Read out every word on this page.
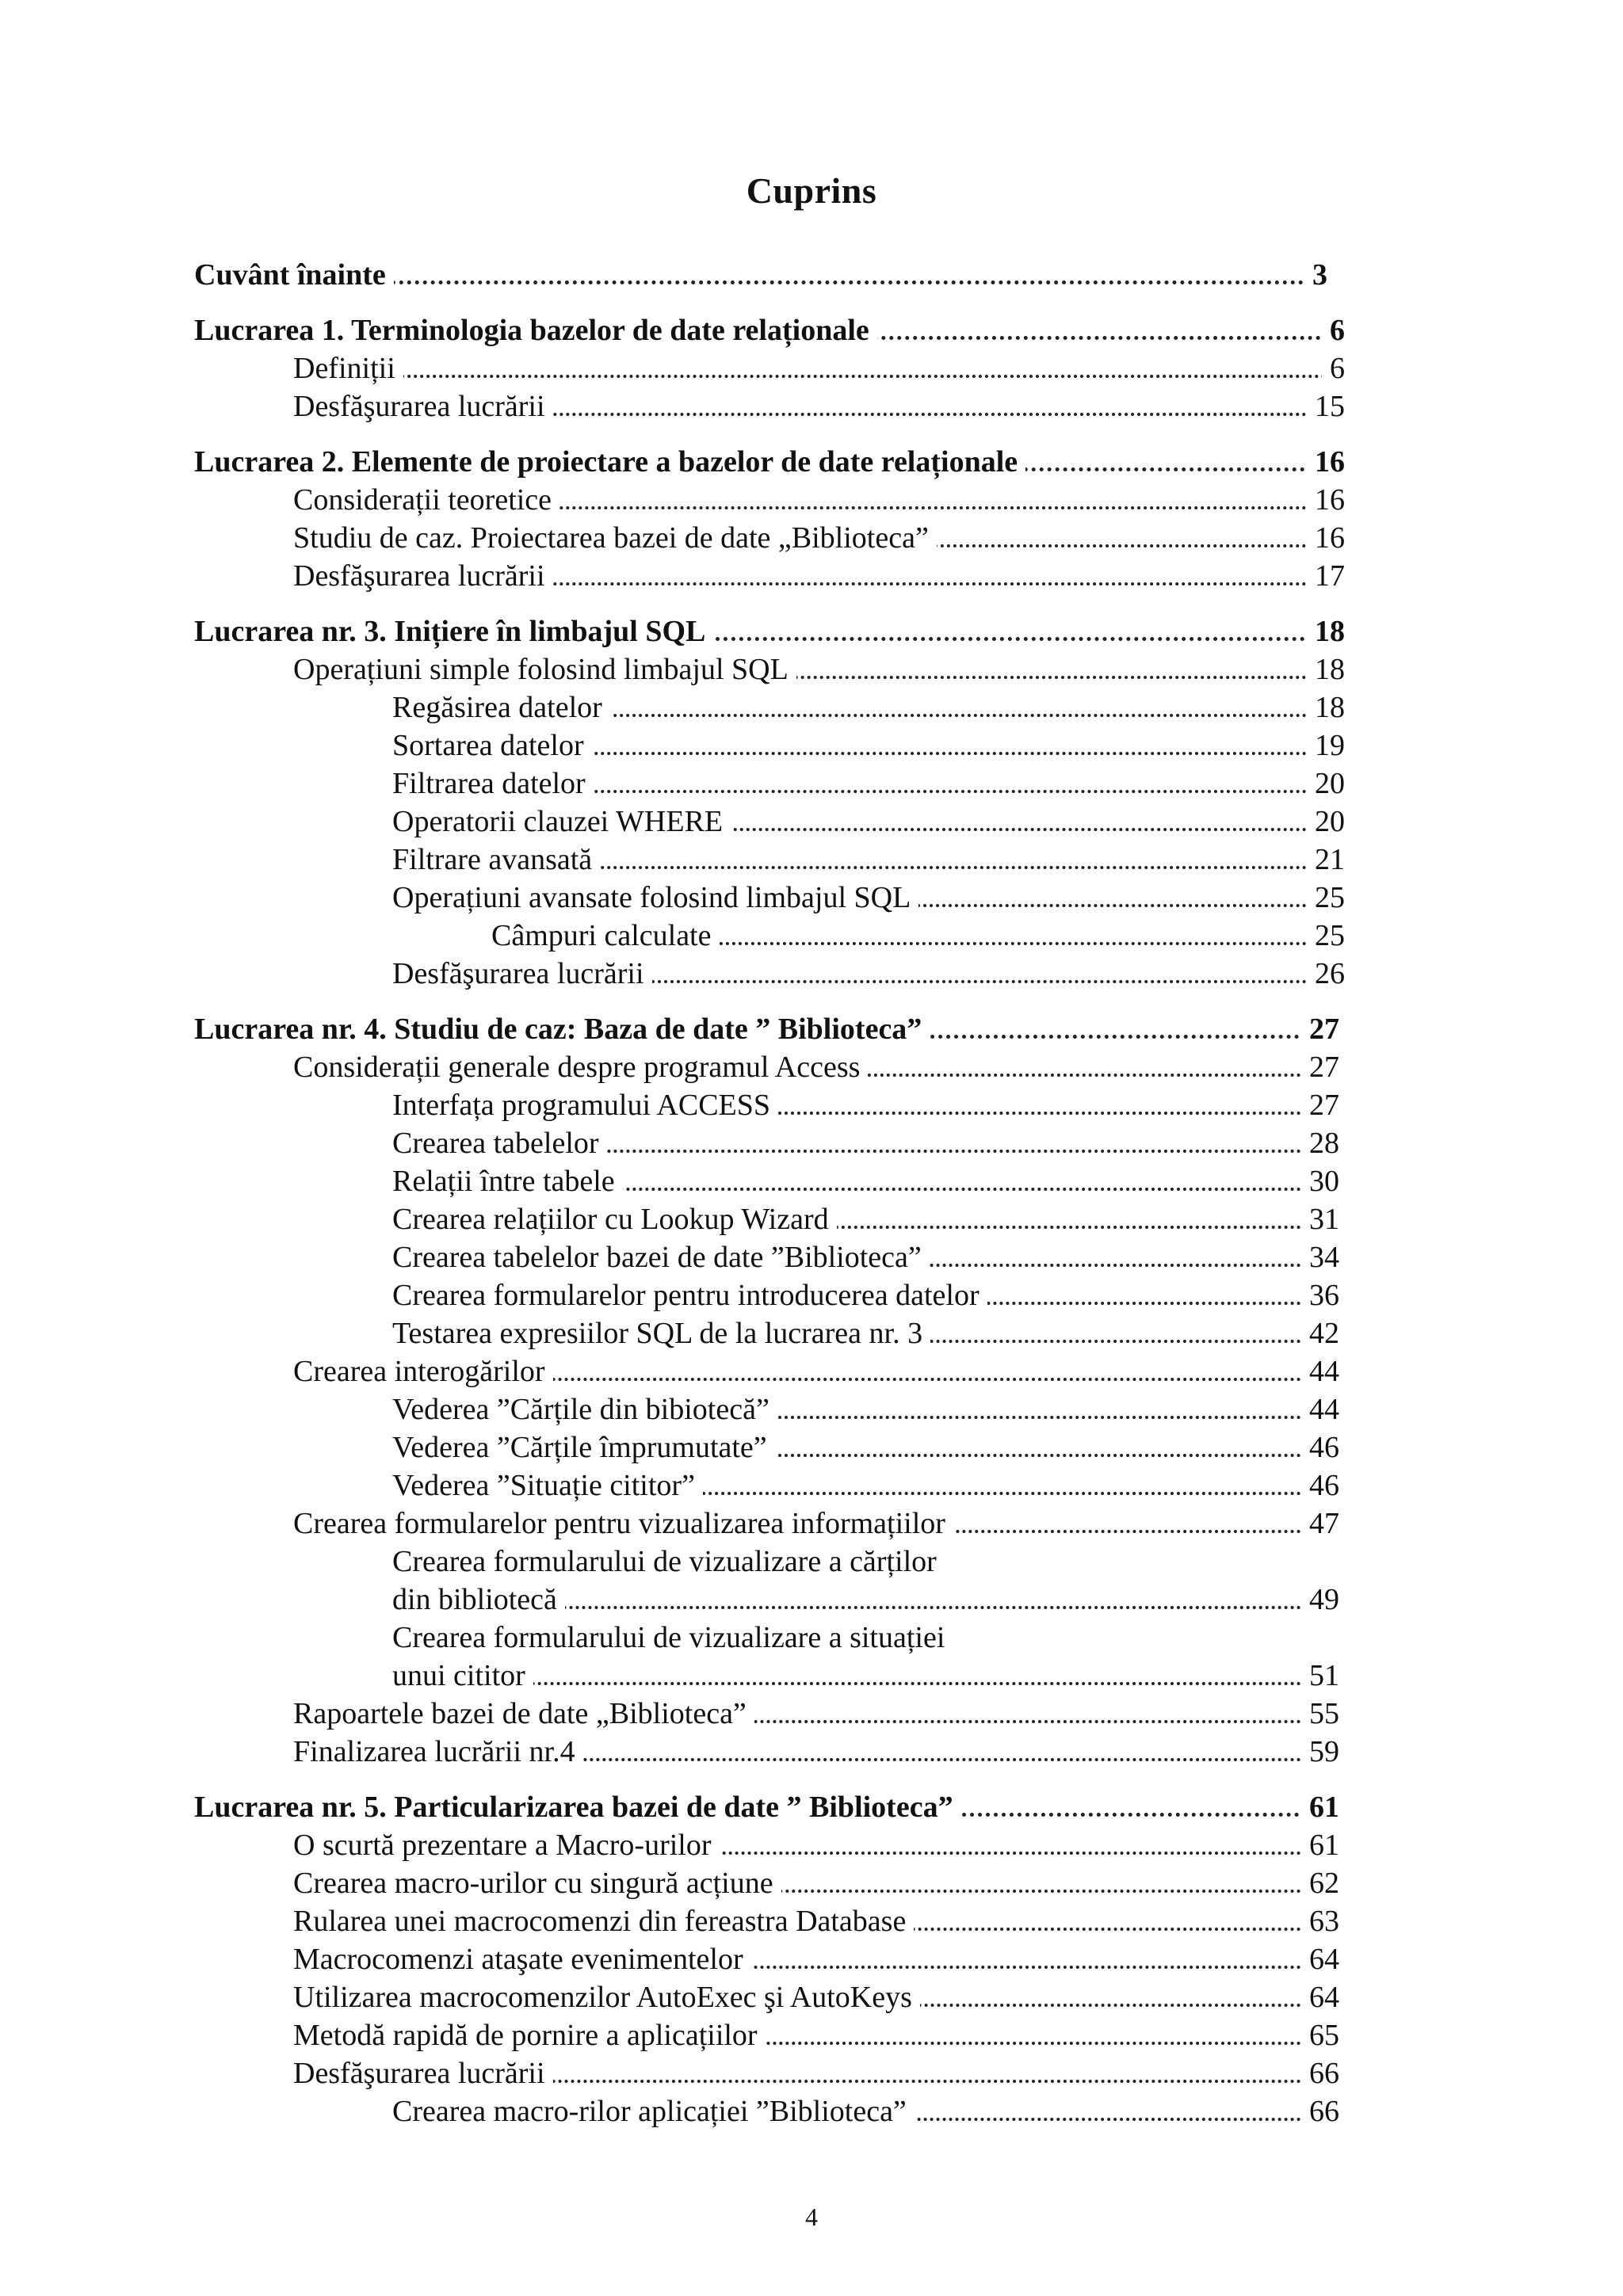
Cuprins
Cuvânt înainte	3
Lucrarea 1. Terminologia bazelor de date relaționale	6
Definiții	6
Desfăşurarea lucrării	15
Lucrarea 2. Elemente de proiectare a bazelor de date relaționale	16
Considerații teoretice	16
Studiu de caz. Proiectarea bazei de date „Biblioteca”	16
Desfăşurarea lucrării	17
Lucrarea nr. 3. Inițiere în limbajul SQL	18
Operațiuni simple folosind limbajul SQL	18
Regăsirea datelor	18
Sortarea datelor	19
Filtrarea datelor	20
Operatorii clauzei WHERE	20
Filtrare avansată	21
Operațiuni avansate folosind limbajul SQL	25
Câmpuri calculate	25
Desfăşurarea lucrării	26
Lucrarea nr. 4. Studiu de caz: Baza de date ” Biblioteca”	27
Considerații generale despre programul Access	27
Interfața programului ACCESS	27
Crearea tabelelor	28
Relații între tabele	30
Crearea relațiilor cu Lookup Wizard	31
Crearea tabelelor bazei de date ”Biblioteca”	34
Crearea formularelor pentru introducerea datelor	36
Testarea expresiilor SQL de la lucrarea nr. 3	42
Crearea interogărilor	44
Vederea ”Cărțile din bibiotecă”	44
Vederea ”Cărțile împrumutate”	46
Vederea ”Situație cititor”	46
Crearea formularelor pentru vizualizarea informațiilor	47
Crearea formularului de vizualizare a cărților
din bibliotecă	49
Crearea formularului de vizualizare a situației
unui cititor	51
Rapoartele bazei de date „Biblioteca”	55
Finalizarea lucrării nr.4	59
Lucrarea nr. 5. Particularizarea bazei de date ” Biblioteca”	61
O scurtă prezentare a Macro-urilor	61
Crearea macro-urilor cu singură acțiune	62
Rularea unei macrocomenzi din fereastra Database	63
Macrocomenzi ataşate evenimentelor	64
Utilizarea macrocomenzilor AutoExec şi AutoKeys	64
Metodă rapidă de pornire a aplicațiilor	65
Desfăşurarea lucrării	66
Crearea macro-rilor aplicației ”Biblioteca”	66
4
